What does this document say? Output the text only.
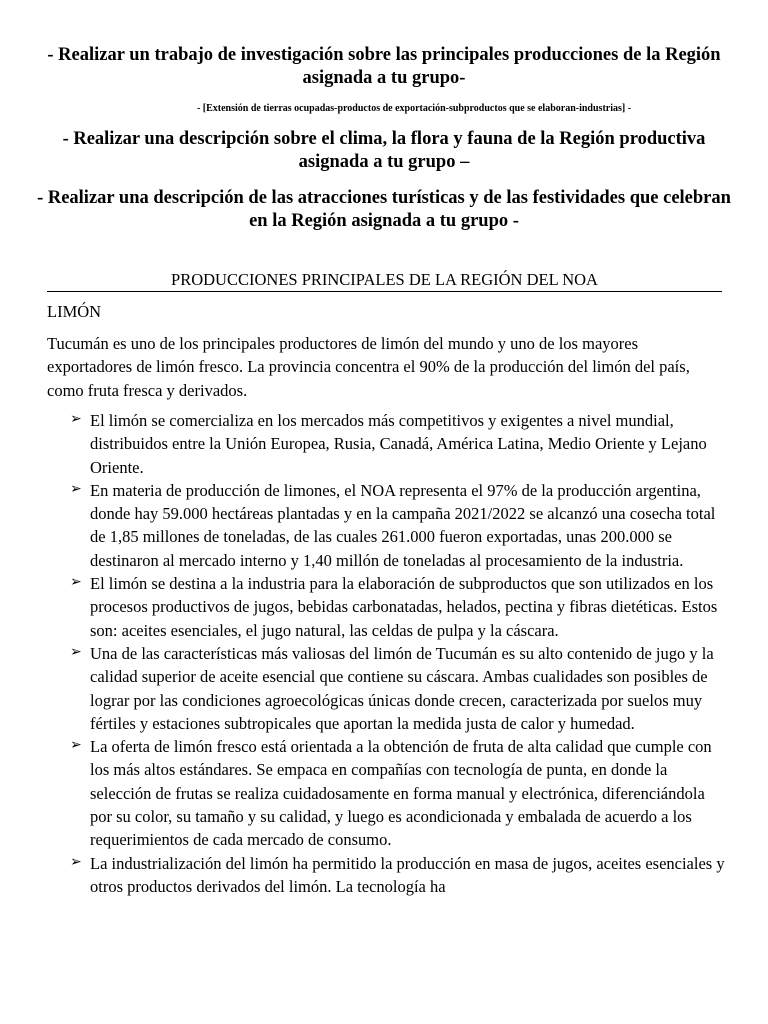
- Realizar un trabajo de investigación sobre las principales producciones de la Región asignada a tu grupo-

- [Extensión de tierras ocupadas-productos de exportación-subproductos que se elaboran-industrias] -

- Realizar una descripción sobre el clima, la flora y fauna de la Región productiva asignada a tu grupo –

- Realizar una descripción de las atracciones turísticas y de las festividades que celebran en la Región asignada a tu grupo -

PRODUCCIONES PRINCIPALES DE LA REGIÓN DEL NOA
LIMÓN

Tucumán es uno de los principales productores de limón del mundo y uno de los mayores exportadores de limón fresco. La provincia concentra el 90% de la producción del limón del país, como fruta fresca y derivados.

➢ El limón se comercializa en los mercados más competitivos y exigentes a nivel mundial, distribuidos entre la Unión Europea, Rusia, Canadá, América Latina, Medio Oriente y Lejano Oriente.
➢ En materia de producción de limones, el NOA representa el 97% de la producción argentina, donde hay 59.000 hectáreas plantadas y en la campaña 2021/2022 se alcanzó una cosecha total de 1,85 millones de toneladas, de las cuales 261.000 fueron exportadas, unas 200.000 se destinaron al mercado interno y 1,40 millón de toneladas al procesamiento de la industria.
➢ El limón se destina a la industria para la elaboración de subproductos que son utilizados en los procesos productivos de jugos, bebidas carbonatadas, helados, pectina y fibras dietéticas. Estos son: aceites esenciales, el jugo natural, las celdas de pulpa y la cáscara.
➢ Una de las características más valiosas del limón de Tucumán es su alto contenido de jugo y la calidad superior de aceite esencial que contiene su cáscara. Ambas cualidades son posibles de lograr por las condiciones agroecológicas únicas donde crecen, caracterizada por suelos muy fértiles y estaciones subtropicales que aportan la medida justa de calor y humedad.
➢ La oferta de limón fresco está orientada a la obtención de fruta de alta calidad que cumple con los más altos estándares. Se empaca en compañías con tecnología de punta, en donde la selección de frutas se realiza cuidadosamente en forma manual y electrónica, diferenciándola por su color, su tamaño y su calidad, y luego es acondicionada y embalada de acuerdo a los requerimientos de cada mercado de consumo.
➢ La industrialización del limón ha permitido la producción en masa de jugos, aceites esenciales y otros productos derivados del limón. La tecnología ha
